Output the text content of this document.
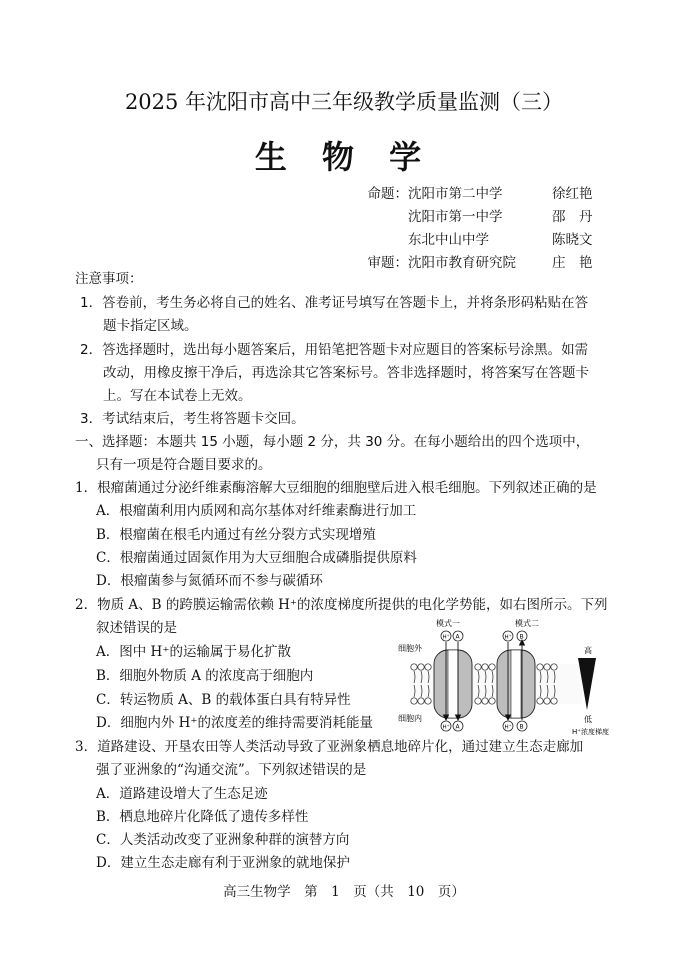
2025 年沈阳市高中三年级教学质量监测（三）
生 物 学
命题： 沈阳市第二中学	徐红艳
沈阳市第一中学	邵　丹
东北中山中学	陈晓文
审题： 沈阳市教育研究院	庄　艳
注意事项：
1．答卷前，考生务必将自己的姓名、准考证号填写在答题卡上，并将条形码粘贴在答
题卡指定区域。
2．答选择题时，选出每小题答案后，用铅笔把答题卡对应题目的答案标号涂黑。如需
改动，用橡皮擦干净后，再选涂其它答案标号。答非选择题时，将答案写在答题卡
上。写在本试卷上无效。
3．考试结束后，考生将答题卡交回。
一、选择题：本题共 15 小题，每小题 2 分，共 30 分。在每小题给出的四个选项中，
只有一项是符合题目要求的。
1．根瘤菌通过分泌纤维素酶溶解大豆细胞的细胞壁后进入根毛细胞。下列叙述正确的是
A．根瘤菌利用内质网和高尔基体对纤维素酶进行加工
B．根瘤菌在根毛内通过有丝分裂方式实现增殖
C．根瘤菌通过固氮作用为大豆细胞合成磷脂提供原料
D．根瘤菌参与氮循环而不参与碳循环
2．物质 A、B 的跨膜运输需依赖 H⁺的浓度梯度所提供的电化学势能，如右图所示。下列
叙述错误的是
A．图中 H⁺的运输属于易化扩散
B．细胞外物质 A 的浓度高于细胞内
C．转运物质 A、B 的载体蛋白具有特异性
D．细胞内外 H⁺的浓度差的维持需要消耗能量
模式一	模式二
细胞外
细胞内
H⁺ A	H⁺ B
H⁺ A	H⁺ B
高
低
H⁺浓度梯度
3．道路建设、开垦农田等人类活动导致了亚洲象栖息地碎片化，通过建立生态走廊加
强了亚洲象的“沟通交流”。下列叙述错误的是
A．道路建设增大了生态足迹
B．栖息地碎片化降低了遗传多样性
C．人类活动改变了亚洲象种群的演替方向
D．建立生态走廊有利于亚洲象的就地保护
高三生物学　第　1　页（共　10　页）
